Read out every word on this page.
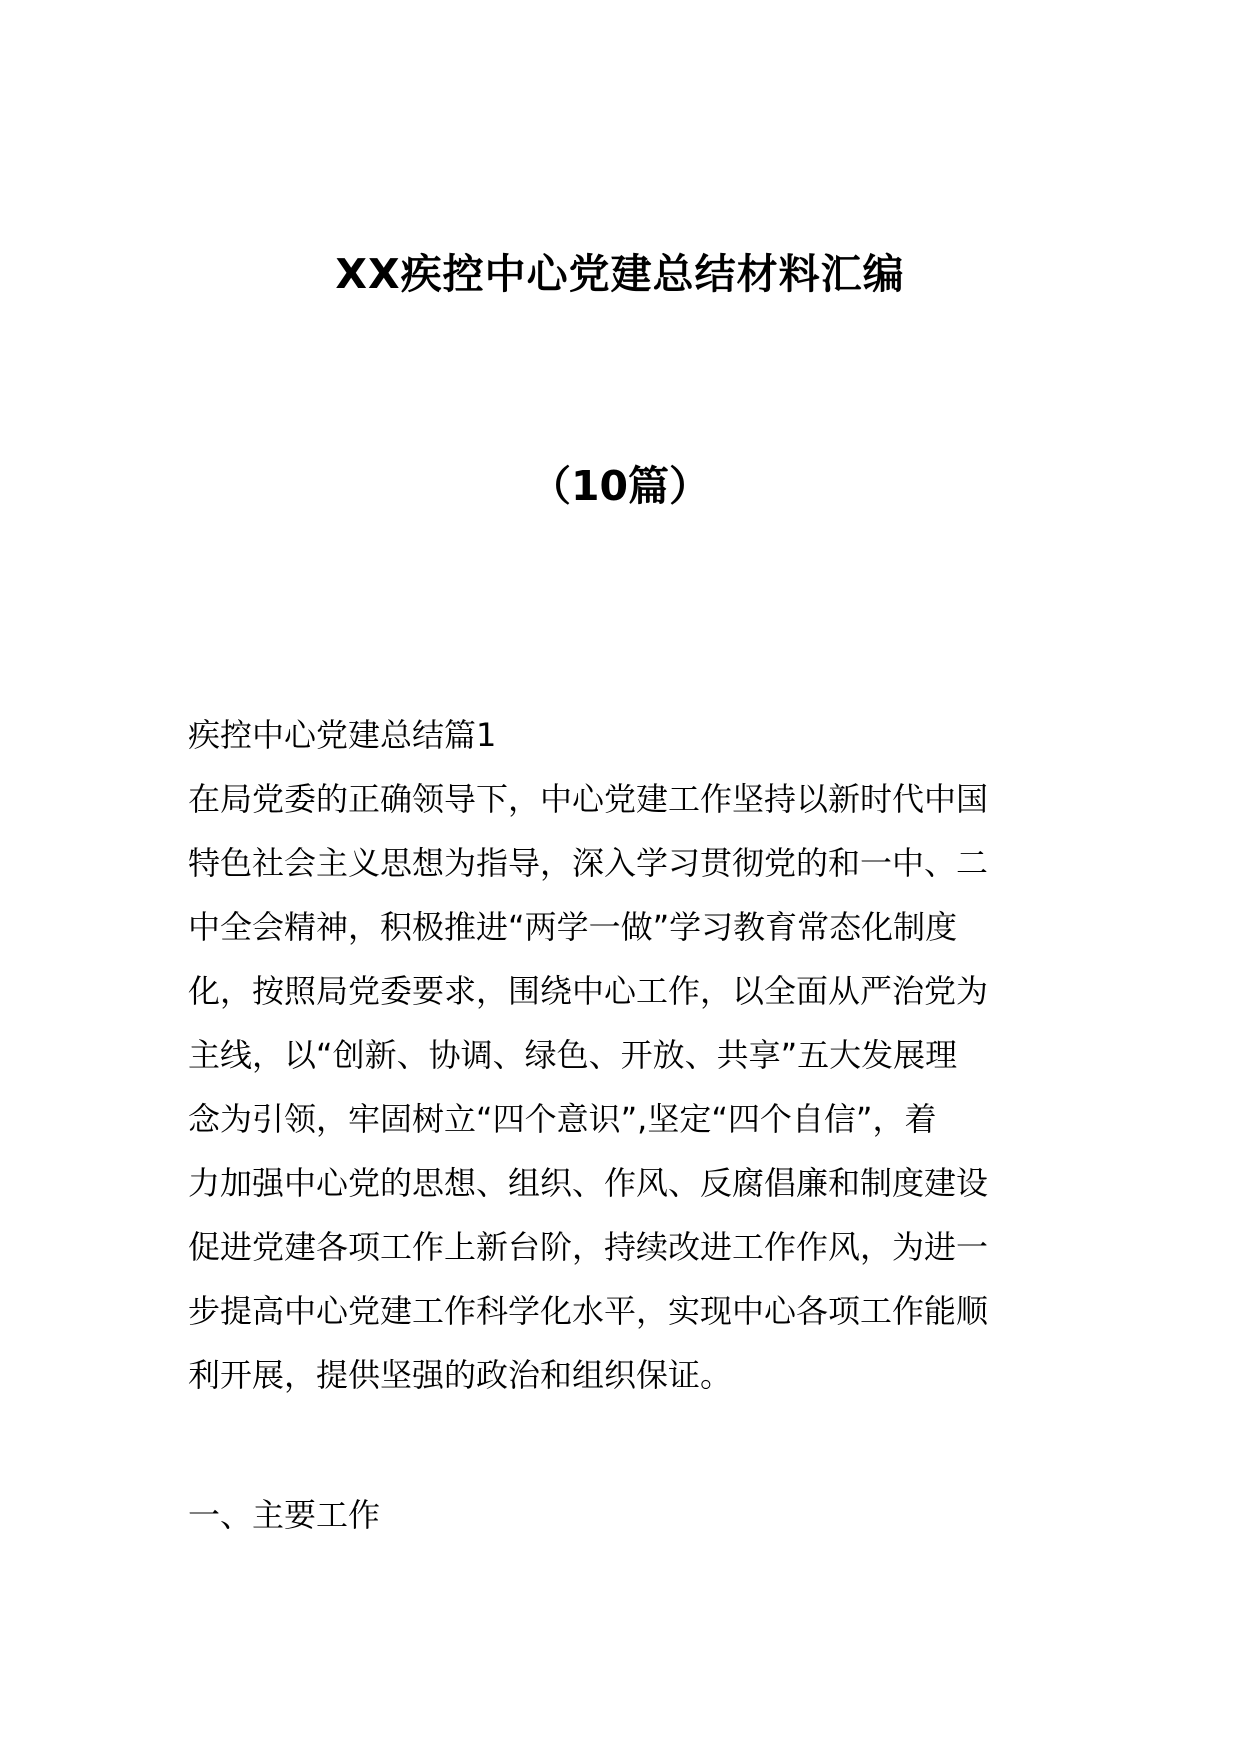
XX疾控中心党建总结材料汇编
（10篇）

疾控中心党建总结篇1

在局党委的正确领导下，中心党建工作坚持以新时代中国

特色社会主义思想为指导，深入学习贯彻党的和一中、二

中全会精神，积极推进“两学一做”学习教育常态化制度

化，按照局党委要求，围绕中心工作，以全面从严治党为

主线，以“创新、协调、绿色、开放、共享”五大发展理

念为引领，牢固树立“四个意识”,坚定“四个自信”，着

力加强中心党的思想、组织、作风、反腐倡廉和制度建设

促进党建各项工作上新台阶，持续改进工作作风，为进一

步提高中心党建工作科学化水平，实现中心各项工作能顺

利开展，提供坚强的政治和组织保证。

一、主要工作
